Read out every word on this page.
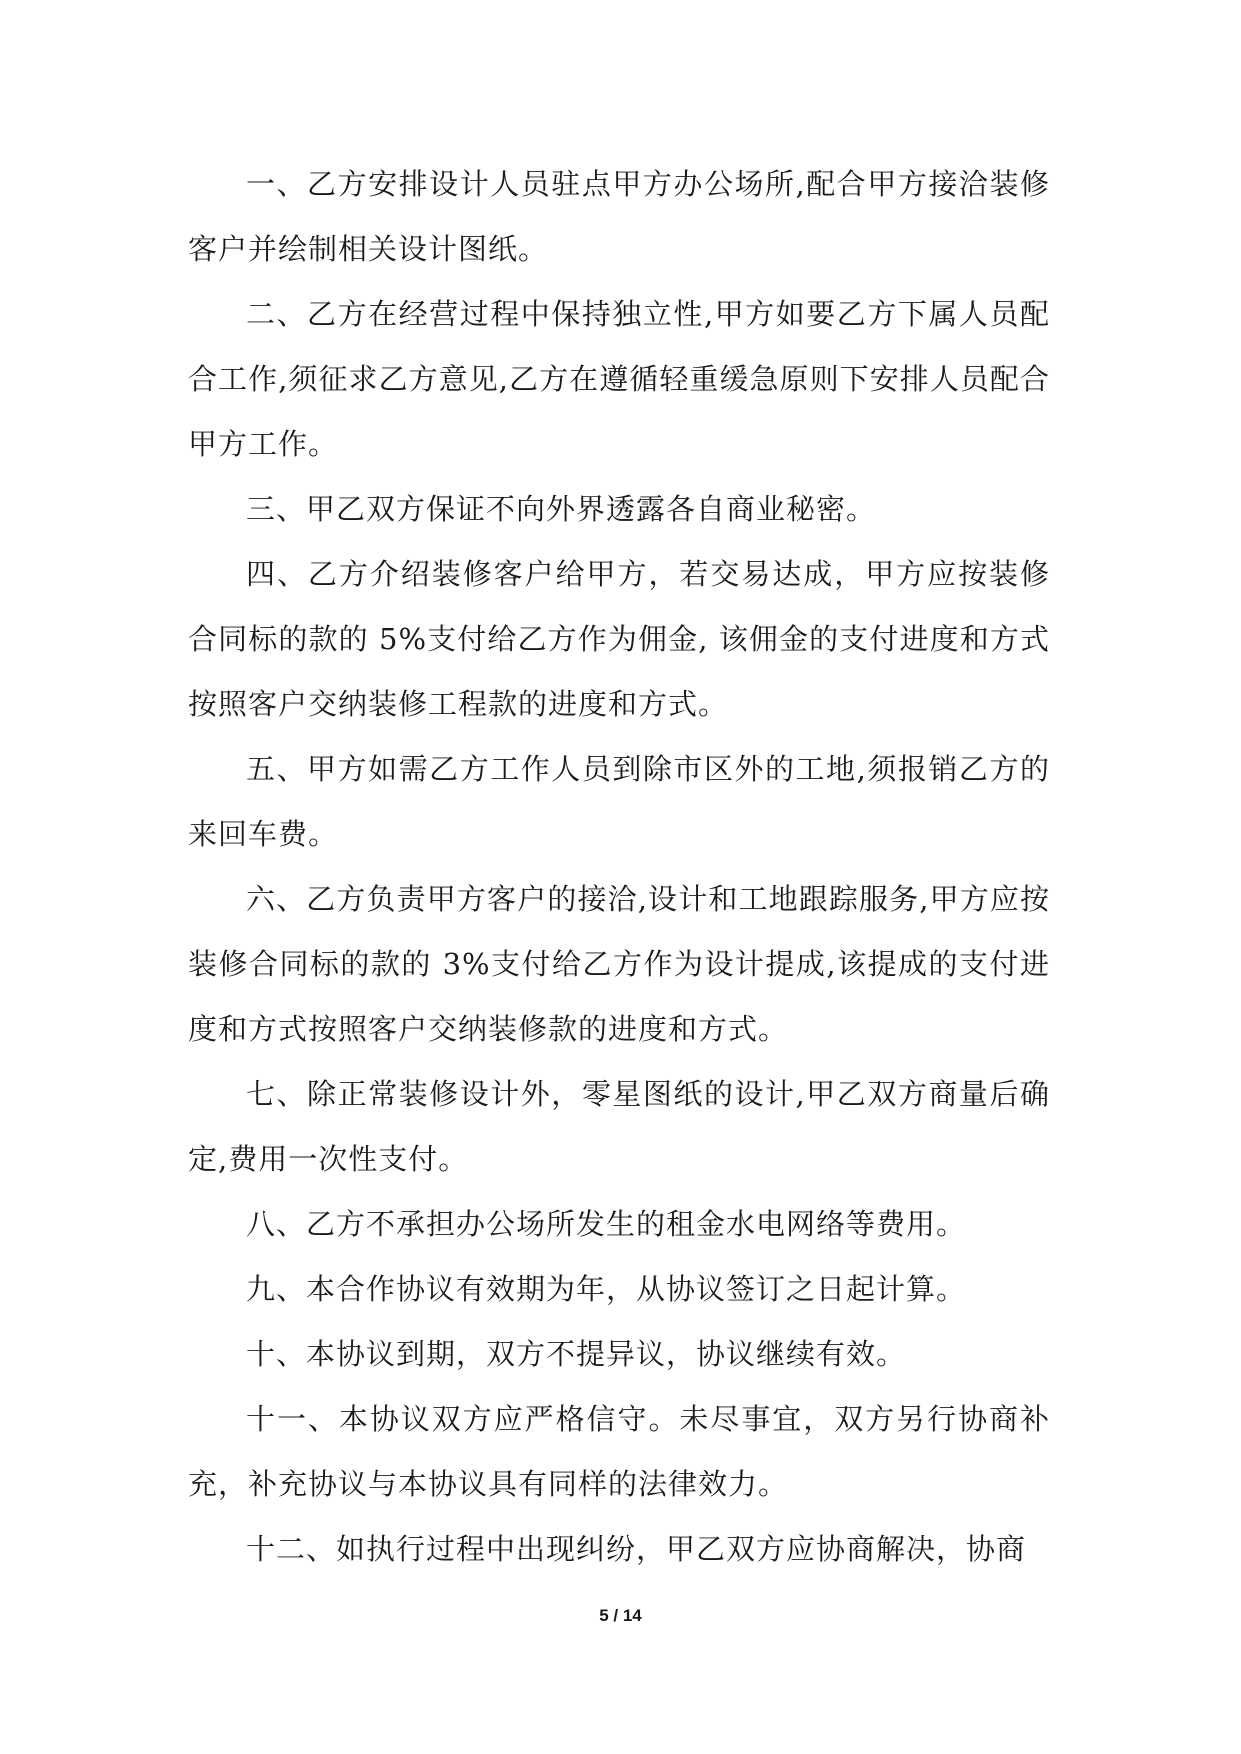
一、乙方安排设计人员驻点甲方办公场所,配合甲方接洽装修客户并绘制相关设计图纸。

二、乙方在经营过程中保持独立性,甲方如要乙方下属人员配合工作,须征求乙方意见,乙方在遵循轻重缓急原则下安排人员配合甲方工作。

三、甲乙双方保证不向外界透露各自商业秘密。

四、乙方介绍装修客户给甲方，若交易达成，甲方应按装修合同标的款的 5%支付给乙方作为佣金, 该佣金的支付进度和方式按照客户交纳装修工程款的进度和方式。

五、甲方如需乙方工作人员到除市区外的工地,须报销乙方的来回车费。

六、乙方负责甲方客户的接洽,设计和工地跟踪服务,甲方应按装修合同标的款的 3%支付给乙方作为设计提成,该提成的支付进度和方式按照客户交纳装修款的进度和方式。

七、除正常装修设计外，零星图纸的设计,甲乙双方商量后确定,费用一次性支付。

八、乙方不承担办公场所发生的租金水电网络等费用。

九、本合作协议有效期为年，从协议签订之日起计算。

十、本协议到期，双方不提异议，协议继续有效。

十一、本协议双方应严格信守。未尽事宜，双方另行协商补充，补充协议与本协议具有同样的法律效力。

十二、如执行过程中出现纠纷，甲乙双方应协商解决，协商

5 / 14
